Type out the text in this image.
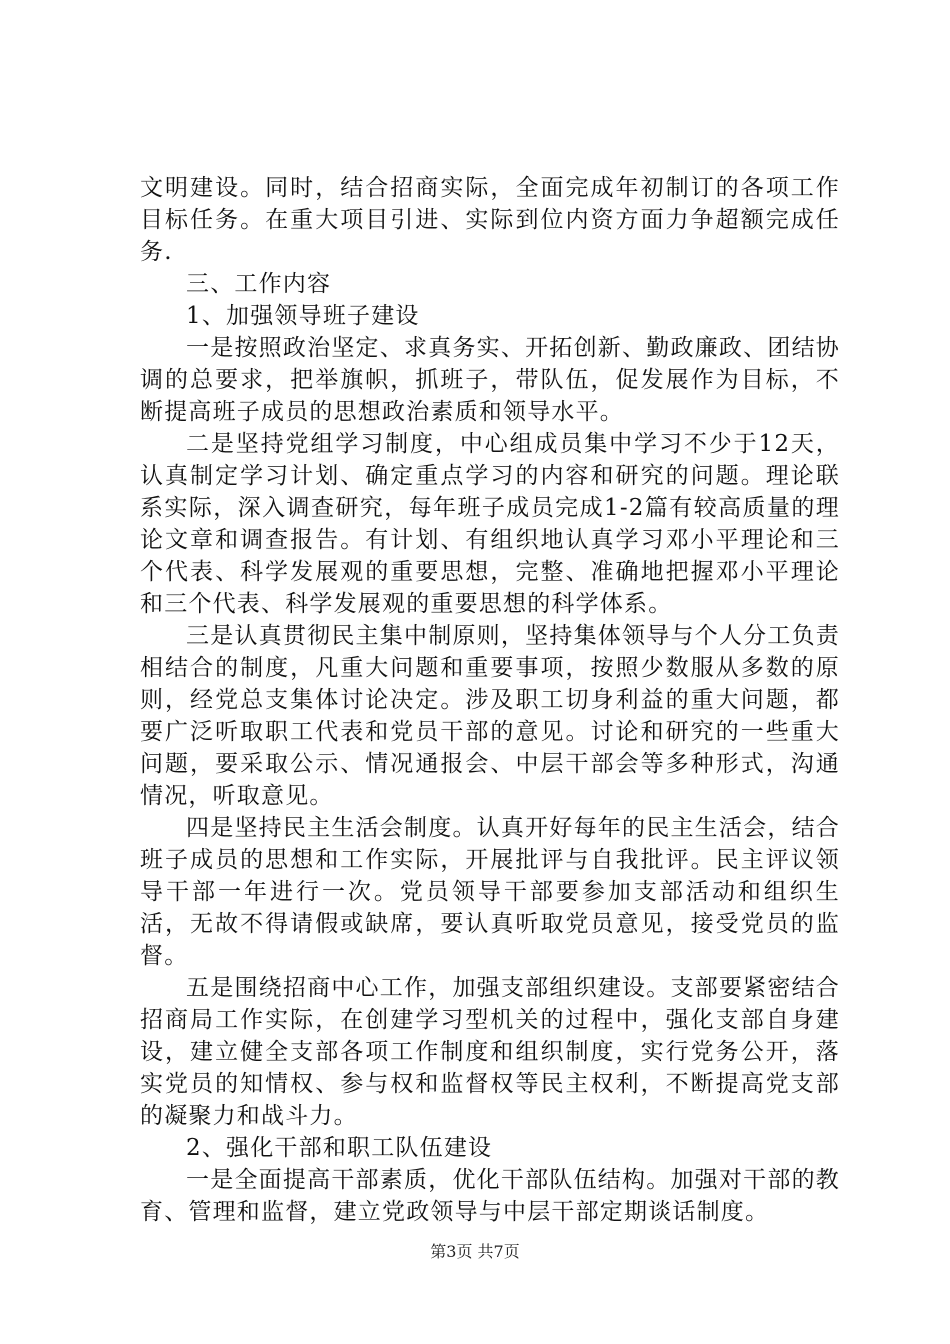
文明建设。同时，结合招商实际，全面完成年初制订的各项工作目标任务。在重大项目引进、实际到位内资方面力争超额完成任务.

三、工作内容

1、加强领导班子建设

一是按照政治坚定、求真务实、开拓创新、勤政廉政、团结协调的总要求，把举旗帜，抓班子，带队伍，促发展作为目标，不断提高班子成员的思想政治素质和领导水平。

二是坚持党组学习制度，中心组成员集中学习不少于12天，认真制定学习计划、确定重点学习的内容和研究的问题。理论联系实际，深入调查研究，每年班子成员完成1-2篇有较高质量的理论文章和调查报告。有计划、有组织地认真学习邓小平理论和三个代表、科学发展观的重要思想，完整、准确地把握邓小平理论和三个代表、科学发展观的重要思想的科学体系。

三是认真贯彻民主集中制原则，坚持集体领导与个人分工负责相结合的制度，凡重大问题和重要事项，按照少数服从多数的原则，经党总支集体讨论决定。涉及职工切身利益的重大问题，都要广泛听取职工代表和党员干部的意见。讨论和研究的一些重大问题，要采取公示、情况通报会、中层干部会等多种形式，沟通情况，听取意见。

四是坚持民主生活会制度。认真开好每年的民主生活会，结合班子成员的思想和工作实际，开展批评与自我批评。民主评议领导干部一年进行一次。党员领导干部要参加支部活动和组织生活，无故不得请假或缺席，要认真听取党员意见，接受党员的监督。

五是围绕招商中心工作，加强支部组织建设。支部要紧密结合招商局工作实际，在创建学习型机关的过程中，强化支部自身建设，建立健全支部各项工作制度和组织制度，实行党务公开，落实党员的知情权、参与权和监督权等民主权利，不断提高党支部的凝聚力和战斗力。

2、强化干部和职工队伍建设

一是全面提高干部素质，优化干部队伍结构。加强对干部的教育、管理和监督，建立党政领导与中层干部定期谈话制度。

第3页 共7页
